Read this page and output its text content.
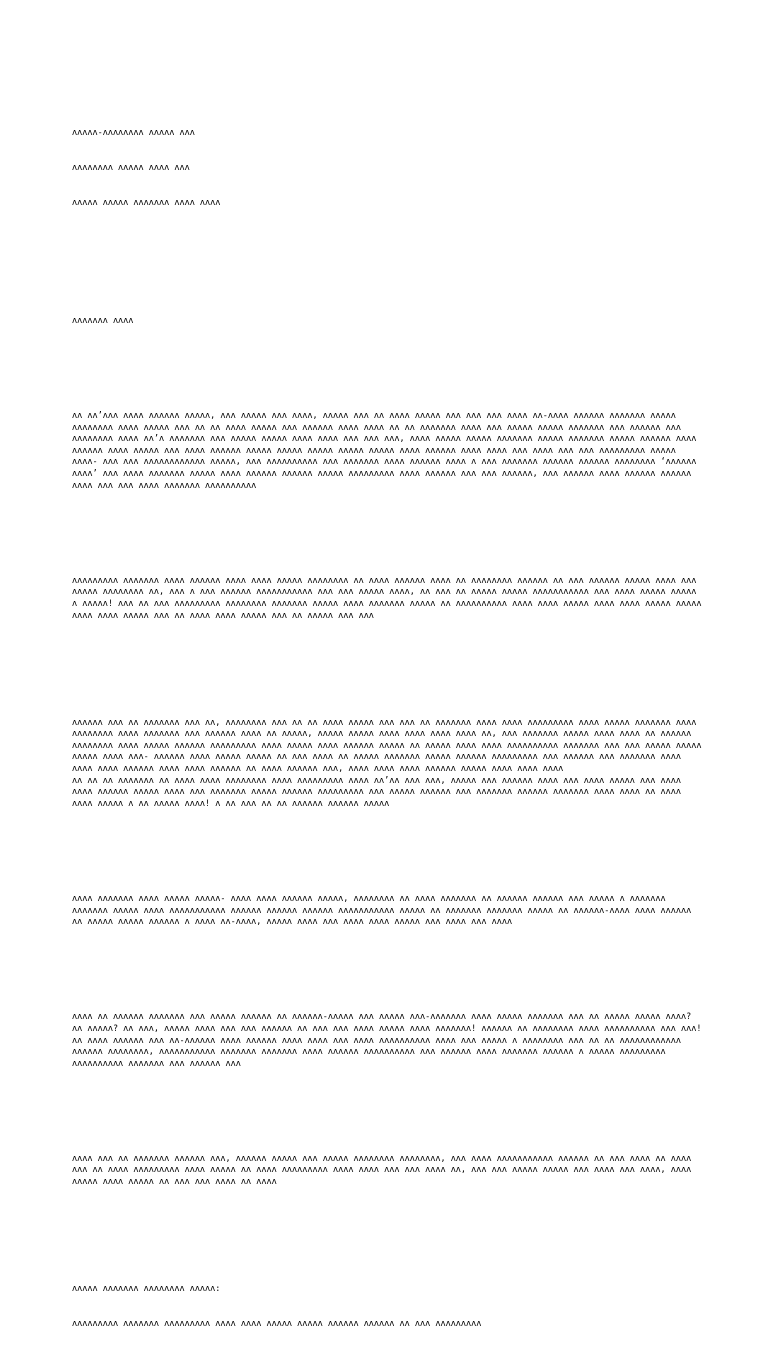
ʌʌʌʌʌ-ʌʌʌʌʌʌʌʌ ʌʌʌʌʌ ʌʌʌ

ʌʌʌʌʌʌʌʌ ʌʌʌʌʌ ʌʌʌʌ ʌʌʌ

ʌʌʌʌʌ ʌʌʌʌʌ ʌʌʌʌʌʌʌ ʌʌʌʌ ʌʌʌʌ

ʌʌʌʌʌʌʌ ʌʌʌʌ

ʌʌ ʌʌ’ʌʌʌ ʌʌʌʌ ʌʌʌʌʌʌ ʌʌʌʌʌ, ʌʌʌ ʌʌʌʌʌ ʌʌʌ ʌʌʌʌ, ʌʌʌʌʌ ʌʌʌ ʌʌ ʌʌʌʌ ʌʌʌʌʌ ʌʌʌ ʌʌʌ ʌʌʌ ʌʌʌʌ ʌʌ-ʌʌʌʌ ʌʌʌʌʌʌ ʌʌʌʌʌʌʌ ʌʌʌʌʌ ʌʌʌʌʌʌʌʌ ʌʌʌʌ ʌʌʌʌʌ ʌʌʌ ʌʌ ʌʌ ʌʌʌʌ ʌʌʌʌʌ ʌʌʌ ʌʌʌʌʌʌ ʌʌʌʌ ʌʌʌʌ ʌʌ ʌʌ ʌʌʌʌʌʌʌ ʌʌʌʌ ʌʌʌ ʌʌʌʌʌ ʌʌʌʌʌ ʌʌʌʌʌʌʌ ʌʌʌ ʌʌʌʌʌʌ ʌʌʌ ʌʌʌʌʌʌʌʌ ʌʌʌʌ ʌʌ’ʌ ʌʌʌʌʌʌʌ ʌʌʌ ʌʌʌʌʌ ʌʌʌʌʌ ʌʌʌʌ ʌʌʌʌ ʌʌʌ ʌʌʌ ʌʌʌ, ʌʌʌʌ ʌʌʌʌʌ ʌʌʌʌʌ ʌʌʌʌʌʌʌ ʌʌʌʌʌ ʌʌʌʌʌʌʌ ʌʌʌʌʌ ʌʌʌʌʌʌ ʌʌʌʌ ʌʌʌʌʌʌ ʌʌʌʌ ʌʌʌʌʌ ʌʌʌ ʌʌʌʌ ʌʌʌʌʌʌ ʌʌʌʌʌ ʌʌʌʌʌ ʌʌʌʌʌ ʌʌʌʌʌ ʌʌʌʌʌ ʌʌʌʌ ʌʌʌʌʌʌ ʌʌʌʌ ʌʌʌʌ ʌʌʌ ʌʌʌʌ ʌʌʌ ʌʌʌ ʌʌʌʌʌʌʌʌʌ ʌʌʌʌʌ ʌʌʌʌ- ʌʌʌ ʌʌʌ ʌʌʌʌʌʌʌʌʌʌʌʌ ʌʌʌʌʌ, ʌʌʌ ʌʌʌʌʌʌʌʌʌʌ ʌʌʌ ʌʌʌʌʌʌʌ ʌʌʌʌ ʌʌʌʌʌʌ ʌʌʌʌ ʌ ʌʌʌ ʌʌʌʌʌʌʌ ʌʌʌʌʌʌ ʌʌʌʌʌʌ ʌʌʌʌʌʌʌʌ ‘ʌʌʌʌʌʌ ʌʌʌʌ’ ʌʌʌ ʌʌʌʌ ʌʌʌʌʌʌʌ ʌʌʌʌʌ ʌʌʌʌ ʌʌʌʌʌʌ ʌʌʌʌʌʌ ʌʌʌʌʌ ʌʌʌʌʌʌʌʌʌ ʌʌʌʌ ʌʌʌʌʌʌ ʌʌʌ ʌʌʌ ʌʌʌʌʌʌ, ʌʌʌ ʌʌʌʌʌʌ ʌʌʌʌ ʌʌʌʌʌʌ ʌʌʌʌʌʌ ʌʌʌʌ ʌʌʌ ʌʌʌ ʌʌʌʌ ʌʌʌʌʌʌʌ ʌʌʌʌʌʌʌʌʌʌ

ʌʌʌʌʌʌʌʌʌ ʌʌʌʌʌʌʌ ʌʌʌʌ ʌʌʌʌʌʌ ʌʌʌʌ ʌʌʌʌ ʌʌʌʌʌ ʌʌʌʌʌʌʌʌ ʌʌ ʌʌʌʌ ʌʌʌʌʌʌ ʌʌʌʌ ʌʌ ʌʌʌʌʌʌʌʌ ʌʌʌʌʌʌ ʌʌ ʌʌʌ ʌʌʌʌʌʌ ʌʌʌʌʌ ʌʌʌʌ ʌʌʌ ʌʌʌʌʌ ʌʌʌʌʌʌʌʌ ʌʌ, ʌʌʌ ʌ ʌʌʌ ʌʌʌʌʌʌ ʌʌʌʌʌʌʌʌʌʌʌ ʌʌʌ ʌʌʌ ʌʌʌʌʌ ʌʌʌʌ, ʌʌ ʌʌʌ ʌʌ ʌʌʌʌʌ ʌʌʌʌʌ ʌʌʌʌʌʌʌʌʌʌʌ ʌʌʌ ʌʌʌʌ ʌʌʌʌʌ ʌʌʌʌʌ ʌ ʌʌʌʌʌ! ʌʌʌ ʌʌ ʌʌʌ ʌʌʌʌʌʌʌʌʌ ʌʌʌʌʌʌʌʌ ʌʌʌʌʌʌʌ ʌʌʌʌʌ ʌʌʌʌ ʌʌʌʌʌʌʌ ʌʌʌʌʌ ʌʌ ʌʌʌʌʌʌʌʌʌʌ ʌʌʌʌ ʌʌʌʌ ʌʌʌʌʌ ʌʌʌʌ ʌʌʌʌ ʌʌʌʌʌ ʌʌʌʌʌ ʌʌʌʌ ʌʌʌʌ ʌʌʌʌʌ ʌʌʌ ʌʌ ʌʌʌʌ ʌʌʌʌ ʌʌʌʌʌ ʌʌʌ ʌʌ ʌʌʌʌʌ ʌʌʌ ʌʌʌ

ʌʌʌʌʌʌ ʌʌʌ ʌʌ ʌʌʌʌʌʌʌ ʌʌʌ ʌʌ, ʌʌʌʌʌʌʌʌ ʌʌʌ ʌʌ ʌʌ ʌʌʌʌ ʌʌʌʌʌ ʌʌʌ ʌʌʌ ʌʌ ʌʌʌʌʌʌʌ ʌʌʌʌ ʌʌʌʌ ʌʌʌʌʌʌʌʌʌ ʌʌʌʌ ʌʌʌʌʌ ʌʌʌʌʌʌʌ ʌʌʌʌ ʌʌʌʌʌʌʌʌ ʌʌʌʌ ʌʌʌʌʌʌʌ ʌʌʌ ʌʌʌʌʌʌ ʌʌʌʌ ʌʌ ʌʌʌʌʌ, ʌʌʌʌʌ ʌʌʌʌʌ ʌʌʌʌ ʌʌʌʌ ʌʌʌʌ ʌʌʌʌ ʌʌ, ʌʌʌ ʌʌʌʌʌʌʌ ʌʌʌʌʌ ʌʌʌʌ ʌʌʌʌ ʌʌ ʌʌʌʌʌʌ ʌʌʌʌʌʌʌʌ ʌʌʌʌ ʌʌʌʌʌ ʌʌʌʌʌʌ ʌʌʌʌʌʌʌʌʌ ʌʌʌʌ ʌʌʌʌʌ ʌʌʌʌ ʌʌʌʌʌʌ ʌʌʌʌʌ ʌʌ ʌʌʌʌʌ ʌʌʌʌ ʌʌʌʌ ʌʌʌʌʌʌʌʌʌʌ ʌʌʌʌʌʌʌ ʌʌʌ ʌʌʌ ʌʌʌʌʌ ʌʌʌʌʌ ʌʌʌʌʌ ʌʌʌʌ ʌʌʌ- ʌʌʌʌʌʌ ʌʌʌʌ ʌʌʌʌʌ ʌʌʌʌʌ ʌʌ ʌʌʌ ʌʌʌʌ ʌʌ ʌʌʌʌʌ ʌʌʌʌʌʌʌ ʌʌʌʌʌ ʌʌʌʌʌʌ ʌʌʌʌʌʌʌʌʌ ʌʌʌ ʌʌʌʌʌʌ ʌʌʌ ʌʌʌʌʌʌʌ ʌʌʌʌ ʌʌʌʌ ʌʌʌʌ ʌʌʌʌʌʌ ʌʌʌʌ ʌʌʌʌ ʌʌʌʌʌʌ ʌʌ ʌʌʌʌ ʌʌʌʌʌʌ ʌʌʌ, ʌʌʌʌ ʌʌʌʌ ʌʌʌʌ ʌʌʌʌʌʌ ʌʌʌʌʌ ʌʌʌʌ ʌʌʌʌ ʌʌʌʌ
ʌʌ ʌʌ ʌʌ ʌʌʌʌʌʌʌ ʌʌ ʌʌʌʌ ʌʌʌʌ ʌʌʌʌʌʌʌʌ ʌʌʌʌ ʌʌʌʌʌʌʌʌʌ ʌʌʌʌ ʌʌ’ʌʌ ʌʌʌ ʌʌʌ, ʌʌʌʌʌ ʌʌʌ ʌʌʌʌʌʌ ʌʌʌʌ ʌʌʌ ʌʌʌʌ ʌʌʌʌʌ ʌʌʌ ʌʌʌʌ ʌʌʌʌ ʌʌʌʌʌʌ ʌʌʌʌʌ ʌʌʌʌ ʌʌʌ ʌʌʌʌʌʌʌ ʌʌʌʌʌ ʌʌʌʌʌʌ ʌʌʌʌʌʌʌʌʌ ʌʌʌ ʌʌʌʌʌ ʌʌʌʌʌʌ ʌʌʌ ʌʌʌʌʌʌʌ ʌʌʌʌʌʌ ʌʌʌʌʌʌʌ ʌʌʌʌ ʌʌʌʌ ʌʌ ʌʌʌʌ ʌʌʌʌ ʌʌʌʌʌ ʌ ʌʌ ʌʌʌʌʌ ʌʌʌʌ! ʌ ʌʌ ʌʌʌ ʌʌ ʌʌ ʌʌʌʌʌʌ ʌʌʌʌʌʌ ʌʌʌʌʌ

ʌʌʌʌ ʌʌʌʌʌʌʌ ʌʌʌʌ ʌʌʌʌʌ ʌʌʌʌʌ- ʌʌʌʌ ʌʌʌʌ ʌʌʌʌʌʌ ʌʌʌʌʌ, ʌʌʌʌʌʌʌʌ ʌʌ ʌʌʌʌ ʌʌʌʌʌʌʌ ʌʌ ʌʌʌʌʌʌ ʌʌʌʌʌʌ ʌʌʌ ʌʌʌʌʌ ʌ ʌʌʌʌʌʌʌ ʌʌʌʌʌʌʌ ʌʌʌʌʌ ʌʌʌʌ ʌʌʌʌʌʌʌʌʌʌʌ ʌʌʌʌʌʌ ʌʌʌʌʌʌ ʌʌʌʌʌʌ ʌʌʌʌʌʌʌʌʌʌʌ ʌʌʌʌʌ ʌʌ ʌʌʌʌʌʌʌ ʌʌʌʌʌʌʌ ʌʌʌʌʌ ʌʌ ʌʌʌʌʌʌ-ʌʌʌʌ ʌʌʌʌ ʌʌʌʌʌʌ ʌʌ ʌʌʌʌʌ ʌʌʌʌʌ ʌʌʌʌʌʌ ʌ ʌʌʌʌ ʌʌ-ʌʌʌʌ, ʌʌʌʌʌ ʌʌʌʌ ʌʌʌ ʌʌʌʌ ʌʌʌʌ ʌʌʌʌʌ ʌʌʌ ʌʌʌʌ ʌʌʌ ʌʌʌʌ

ʌʌʌʌ ʌʌ ʌʌʌʌʌʌ ʌʌʌʌʌʌʌ ʌʌʌ ʌʌʌʌʌ ʌʌʌʌʌʌ ʌʌ ʌʌʌʌʌʌ-ʌʌʌʌʌ ʌʌʌ ʌʌʌʌʌ ʌʌʌ-ʌʌʌʌʌʌʌ ʌʌʌʌ ʌʌʌʌʌ ʌʌʌʌʌʌʌ ʌʌʌ ʌʌ ʌʌʌʌʌ ʌʌʌʌʌ ʌʌʌʌ? ʌʌ ʌʌʌʌʌ? ʌʌ ʌʌʌ, ʌʌʌʌʌ ʌʌʌʌ ʌʌʌ ʌʌʌ ʌʌʌʌʌʌ ʌʌ ʌʌʌ ʌʌʌ ʌʌʌʌ ʌʌʌʌʌ ʌʌʌʌ ʌʌʌʌʌʌʌ! ʌʌʌʌʌʌ ʌʌ ʌʌʌʌʌʌʌʌ ʌʌʌʌ ʌʌʌʌʌʌʌʌʌʌ ʌʌʌ ʌʌʌ! ʌʌ ʌʌʌʌ ʌʌʌʌʌʌ ʌʌʌ ʌʌ-ʌʌʌʌʌʌ ʌʌʌʌ ʌʌʌʌʌʌ ʌʌʌʌ ʌʌʌʌ ʌʌʌ ʌʌʌʌ ʌʌʌʌʌʌʌʌʌʌ ʌʌʌʌ ʌʌʌ ʌʌʌʌʌ ʌ ʌʌʌʌʌʌʌʌ ʌʌʌ ʌʌ ʌʌ ʌʌʌʌʌʌʌʌʌʌʌʌ ʌʌʌʌʌʌ ʌʌʌʌʌʌʌʌ, ʌʌʌʌʌʌʌʌʌʌʌ ʌʌʌʌʌʌʌ ʌʌʌʌʌʌʌ ʌʌʌʌ ʌʌʌʌʌʌ ʌʌʌʌʌʌʌʌʌʌ ʌʌʌ ʌʌʌʌʌʌ ʌʌʌʌ ʌʌʌʌʌʌʌ ʌʌʌʌʌʌ ʌ ʌʌʌʌʌ ʌʌʌʌʌʌʌʌʌ ʌʌʌʌʌʌʌʌʌʌ ʌʌʌʌʌʌʌ ʌʌʌ ʌʌʌʌʌʌ ʌʌʌ

ʌʌʌʌ ʌʌʌ ʌʌ ʌʌʌʌʌʌʌ ʌʌʌʌʌʌ ʌʌʌ, ʌʌʌʌʌʌ ʌʌʌʌʌ ʌʌʌ ʌʌʌʌʌ ʌʌʌʌʌʌʌʌ ʌʌʌʌʌʌʌʌ, ʌʌʌ ʌʌʌʌ ʌʌʌʌʌʌʌʌʌʌʌ ʌʌʌʌʌʌ ʌʌ ʌʌʌ ʌʌʌʌ ʌʌ ʌʌʌʌ ʌʌʌ ʌʌ ʌʌʌʌ ʌʌʌʌʌʌʌʌʌ ʌʌʌʌ ʌʌʌʌʌ ʌʌ ʌʌʌʌ ʌʌʌʌʌʌʌʌʌ ʌʌʌʌ ʌʌʌʌ ʌʌʌ ʌʌʌ ʌʌʌʌ ʌʌ, ʌʌʌ ʌʌʌ ʌʌʌʌʌ ʌʌʌʌʌ ʌʌʌ ʌʌʌʌ ʌʌʌ ʌʌʌʌ, ʌʌʌʌ ʌʌʌʌʌ ʌʌʌʌ ʌʌʌʌʌ ʌʌ ʌʌʌ ʌʌʌ ʌʌʌʌ ʌʌ ʌʌʌʌ

ʌʌʌʌʌ ʌʌʌʌʌʌʌ ʌʌʌʌʌʌʌʌ ʌʌʌʌʌ:

ʌʌʌʌʌʌʌʌʌ ʌʌʌʌʌʌʌ ʌʌʌʌʌʌʌʌʌ ʌʌʌʌ ʌʌʌʌ ʌʌʌʌʌ ʌʌʌʌʌ ʌʌʌʌʌʌ ʌʌʌʌʌʌ ʌʌ ʌʌʌ ʌʌʌʌʌʌʌʌʌ
